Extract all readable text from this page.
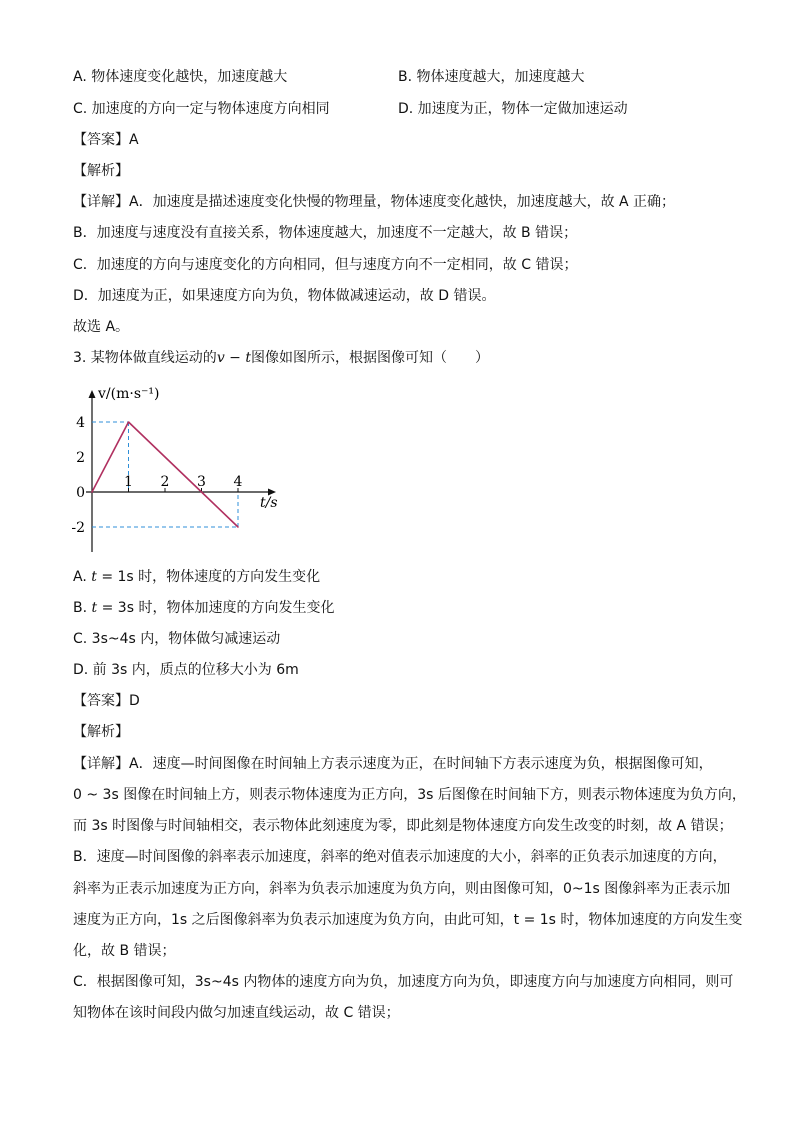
A. 物体速度变化越快，加速度越大	B. 物体速度越大，加速度越大
C. 加速度的方向一定与物体速度方向相同	D. 加速度为正，物体一定做加速运动
【答案】A
【解析】
【详解】A．加速度是描述速度变化快慢的物理量，物体速度变化越快，加速度越大，故 A 正确；
B．加速度与速度没有直接关系，物体速度越大，加速度不一定越大，故 B 错误；
C．加速度的方向与速度变化的方向相同，但与速度方向不一定相同，故 C 错误；
D．加速度为正，如果速度方向为负，物体做减速运动，故 D 错误。
故选 A。
3. 某物体做直线运动的v − t图像如图所示，根据图像可知（　　）
v/(m·s⁻¹)
t/s
1 2 3 4
4
2
0
-2
A. t = 1s 时，物体速度的方向发生变化
B. t = 3s 时，物体加速度的方向发生变化
C. 3s~4s 内，物体做匀减速运动
D. 前 3s 内，质点的位移大小为 6m
【答案】D
【解析】
【详解】A．速度—时间图像在时间轴上方表示速度为正，在时间轴下方表示速度为负，根据图像可知，
0 ~ 3s 图像在时间轴上方，则表示物体速度为正方向，3s 后图像在时间轴下方，则表示物体速度为负方向，
而 3s 时图像与时间轴相交，表示物体此刻速度为零，即此刻是物体速度方向发生改变的时刻，故 A 错误；
B．速度—时间图像的斜率表示加速度，斜率的绝对值表示加速度的大小，斜率的正负表示加速度的方向，
斜率为正表示加速度为正方向，斜率为负表示加速度为负方向，则由图像可知，0~1s 图像斜率为正表示加
速度为正方向，1s 之后图像斜率为负表示加速度为负方向，由此可知，t = 1s 时，物体加速度的方向发生变
化，故 B 错误；
C．根据图像可知，3s~4s 内物体的速度方向为负，加速度方向为负，即速度方向与加速度方向相同，则可
知物体在该时间段内做匀加速直线运动，故 C 错误；
